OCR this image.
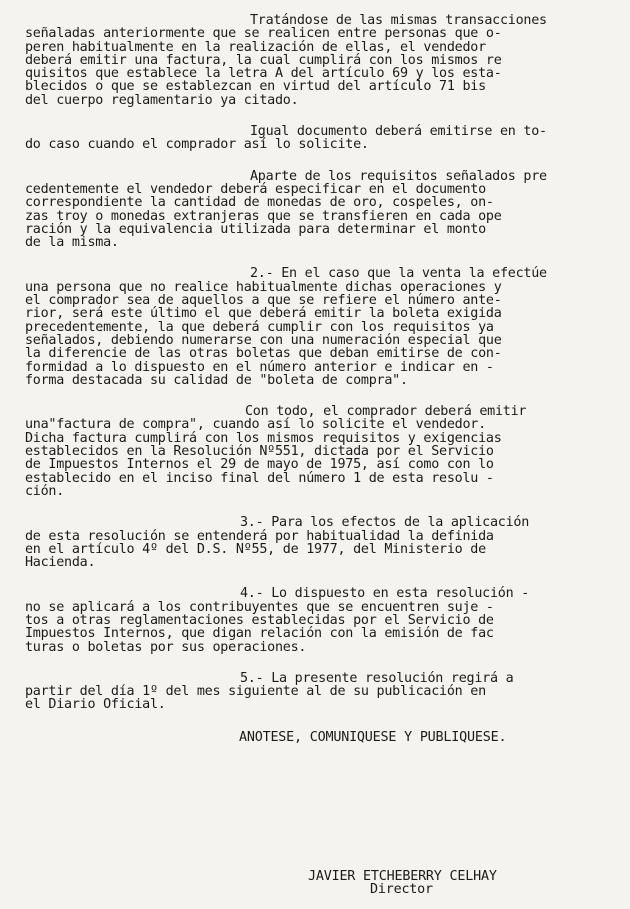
Tratándose de las mismas transacciones
señaladas anteriormente que se realicen entre personas que o-
peren habitualmente en la realización de ellas, el vendedor
deberá emitir una factura, la cual cumplirá con los mismos re
quisitos que establece la letra A del artículo 69 y los esta-
blecidos o que se establezcan en virtud del artículo 71 bis
del cuerpo reglamentario ya citado.

Igual documento deberá emitirse en to-
do caso cuando el comprador así lo solicite.

Aparte de los requisitos señalados pre
cedentemente el vendedor deberá especificar en el documento
correspondiente la cantidad de monedas de oro, cospeles, on-
zas troy o monedas extranjeras que se transfieren en cada ope
ración y la equivalencia utilizada para determinar el monto
de la misma.

2.- En el caso que la venta la efectúe
una persona que no realice habitualmente dichas operaciones y
el comprador sea de aquellos a que se refiere el número ante-
rior, será este último el que deberá emitir la boleta exigida
precedentemente, la que deberá cumplir con los requisitos ya
señalados, debiendo numerarse con una numeración especial que
la diferencie de las otras boletas que deban emitirse de con-
formidad a lo dispuesto en el número anterior e indicar en -
forma destacada su calidad de "boleta de compra".

Con todo, el comprador deberá emitir
una"factura de compra", cuando así lo solicite el vendedor.
Dicha factura cumplirá con los mismos requisitos y exigencias
establecidos en la Resolución Nº551, dictada por el Servicio
de Impuestos Internos el 29 de mayo de 1975, así como con lo
establecido en el inciso final del número 1 de esta resolu -
ción.

3.- Para los efectos de la aplicación
de esta resolución se entenderá por habitualidad la definida
en el artículo 4º del D.S. Nº55, de 1977, del Ministerio de
Hacienda.

4.- Lo dispuesto en esta resolución -
no se aplicará a los contribuyentes que se encuentren suje -
tos a otras reglamentaciones establecidas por el Servicio de
Impuestos Internos, que digan relación con la emisión de fac
turas o boletas por sus operaciones.

5.- La presente resolución regirá a
partir del día 1º del mes siguiente al de su publicación en
el Diario Oficial.

ANOTESE, COMUNIQUESE Y PUBLIQUESE.

JAVIER ETCHEBERRY CELHAY
Director
